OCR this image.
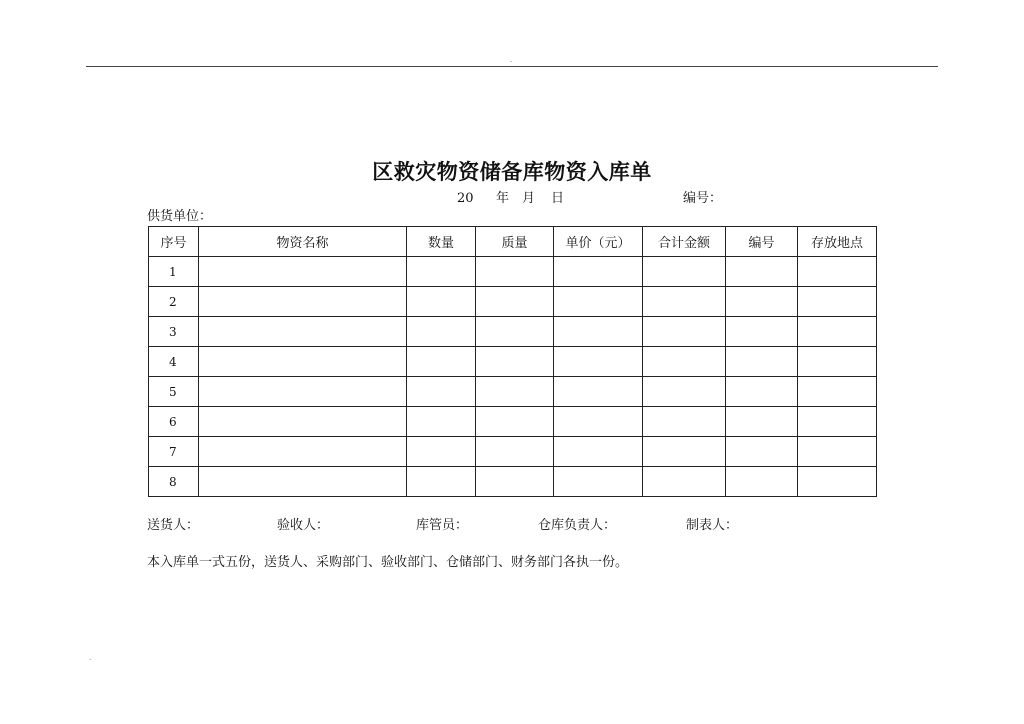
.
区救灾物资储备库物资入库单
20 年 月 日	编号：
供货单位：
序号	物资名称	数量	质量	单价（元）	合计金额	编号	存放地点
1							
2							
3							
4							
5							
6							
7							
8							
送货人：	验收人：	库管员：	仓库负责人：	制表人：
本入库单一式五份，送货人、采购部门、验收部门、仓储部门、财务部门各执一份。
.
